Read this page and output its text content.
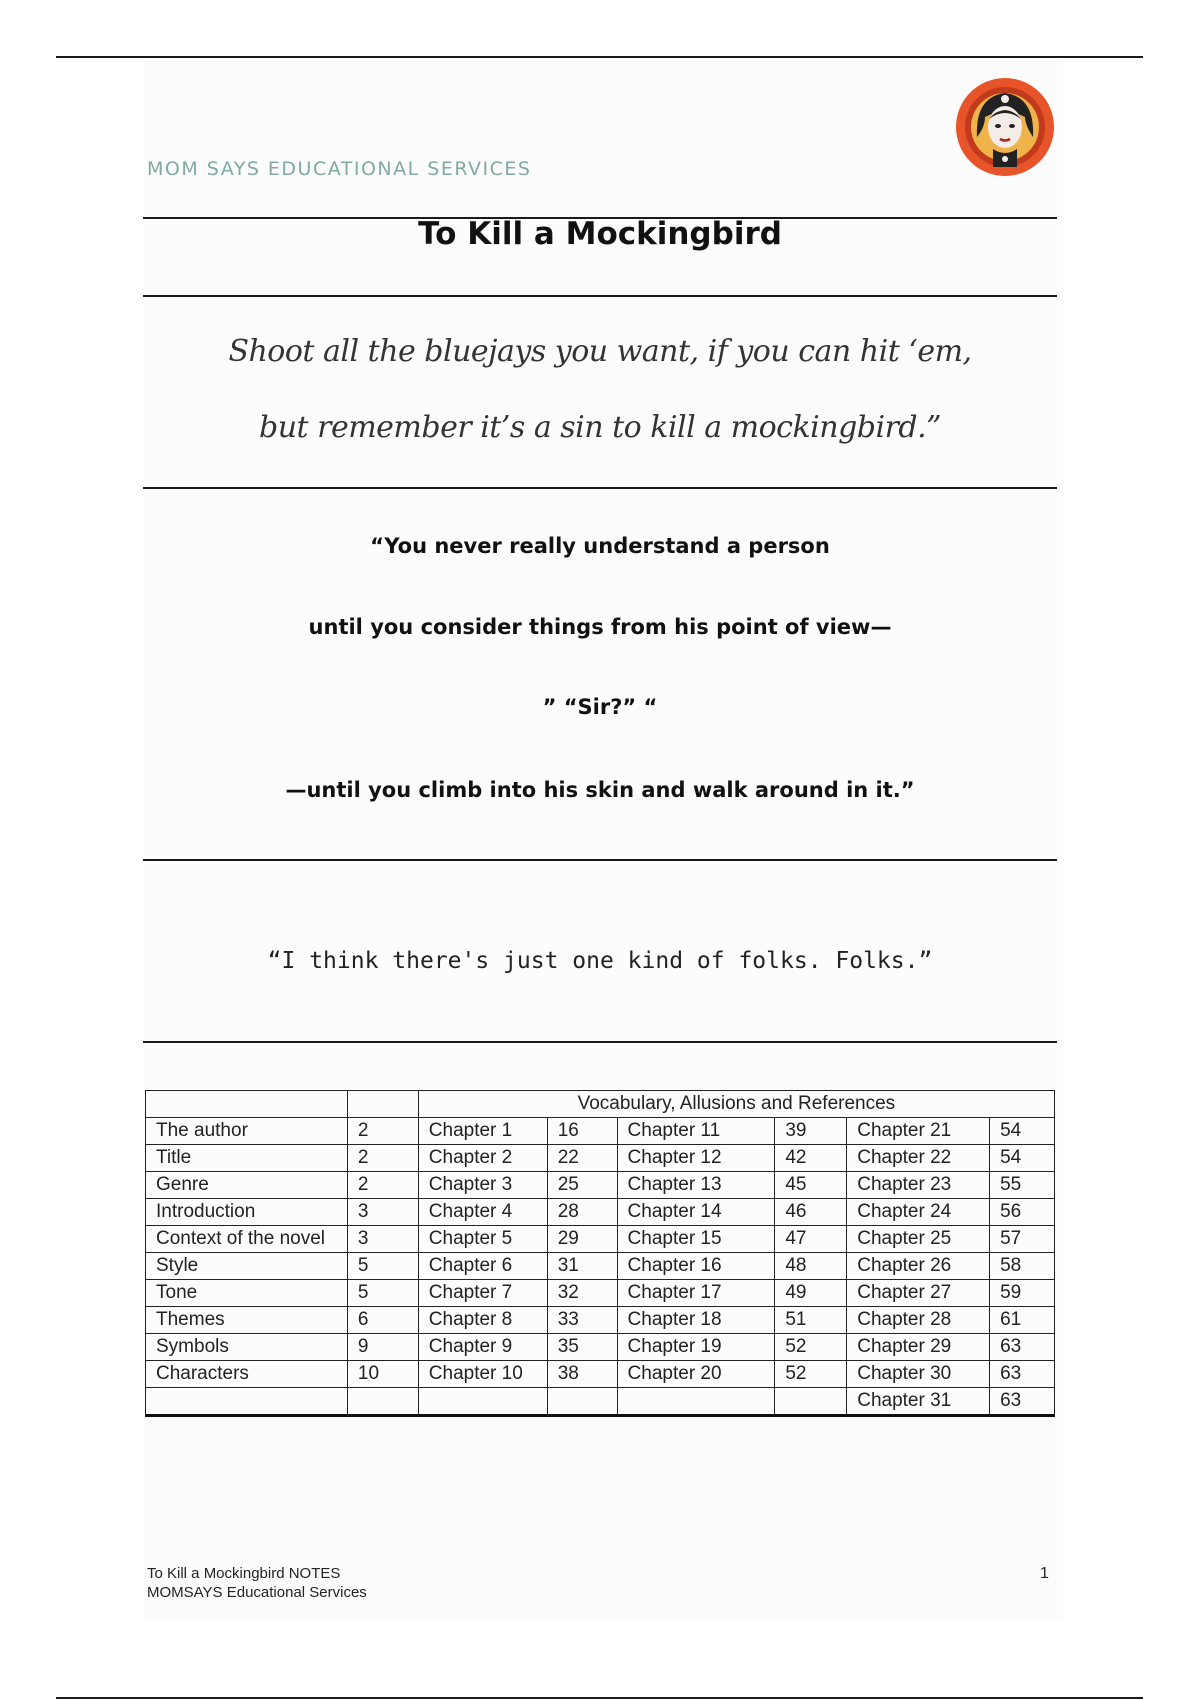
MOM SAYS EDUCATIONAL SERVICES
To Kill a Mockingbird
Shoot all the bluejays you want, if you can hit ‘em,
but remember it’s a sin to kill a mockingbird.”
“You never really understand a person
until you consider things from his point of view—
” “Sir?” “
—until you climb into his skin and walk around in it.”
“I think there's just one kind of folks. Folks.”
		Vocabulary, Allusions and References					
The author	2	Chapter 1	16	Chapter 11	39	Chapter 21	54
Title	2	Chapter 2	22	Chapter 12	42	Chapter 22	54
Genre	2	Chapter 3	25	Chapter 13	45	Chapter 23	55
Introduction	3	Chapter 4	28	Chapter 14	46	Chapter 24	56
Context of the novel	3	Chapter 5	29	Chapter 15	47	Chapter 25	57
Style	5	Chapter 6	31	Chapter 16	48	Chapter 26	58
Tone	5	Chapter 7	32	Chapter 17	49	Chapter 27	59
Themes	6	Chapter 8	33	Chapter 18	51	Chapter 28	61
Symbols	9	Chapter 9	35	Chapter 19	52	Chapter 29	63
Characters	10	Chapter 10	38	Chapter 20	52	Chapter 30	63
						Chapter 31	63
To Kill a Mockingbird NOTES
MOMSAYS Educational Services
1
